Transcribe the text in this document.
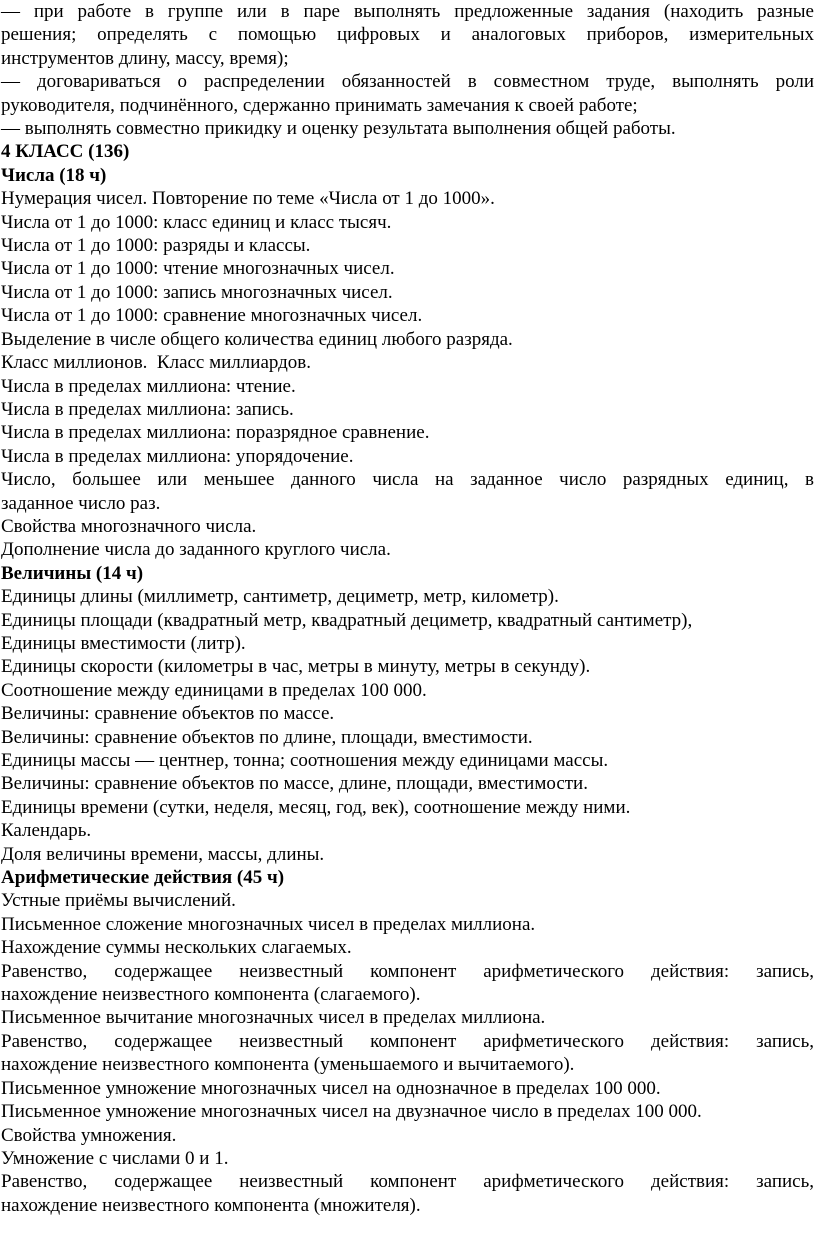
— при работе в группе или в паре выполнять предложенные задания (находить разные

решения; определять с помощью цифровых и аналоговых приборов, измерительных

инструментов длину, массу, время);

— договариваться о распределении обязанностей в совместном труде, выполнять роли

руководителя, подчинённого, сдержанно принимать замечания к своей работе;

— выполнять совместно прикидку и оценку результата выполнения общей работы.

4 КЛАСС (136)

Числа (18 ч)

Нумерация чисел. Повторение по теме «Числа от 1 до 1000».

Числа от 1 до 1000: класс единиц и класс тысяч.

Числа от 1 до 1000: разряды и классы.

Числа от 1 до 1000: чтение многозначных чисел.

Числа от 1 до 1000: запись многозначных чисел.

Числа от 1 до 1000: сравнение многозначных чисел.

Выделение в числе общего количества единиц любого разряда.

Класс миллионов.  Класс миллиардов.

Числа в пределах миллиона: чтение.

Числа в пределах миллиона: запись.

Числа в пределах миллиона: поразрядное сравнение.

Числа в пределах миллиона: упорядочение.

Число, большее или меньшее данного числа на заданное число разрядных единиц, в

заданное число раз.

Свойства многозначного числа.

Дополнение числа до заданного круглого числа.

Величины (14 ч)

Единицы длины (миллиметр, сантиметр, дециметр, метр, километр).

Единицы площади (квадратный метр, квадратный дециметр, квадратный сантиметр),

Единицы вместимости (литр).

Единицы скорости (километры в час, метры в минуту, метры в секунду).

Соотношение между единицами в пределах 100 000.

Величины: сравнение объектов по массе.

Величины: сравнение объектов по длине, площади, вместимости.

Единицы массы — центнер, тонна; соотношения между единицами массы.

Величины: сравнение объектов по массе, длине, площади, вместимости.

Единицы времени (сутки, неделя, месяц, год, век), соотношение между ними.

Календарь.

Доля величины времени, массы, длины.

Арифметические действия (45 ч)

Устные приёмы вычислений.

Письменное сложение многозначных чисел в пределах миллиона.

Нахождение суммы нескольких слагаемых.

Равенство, содержащее неизвестный компонент арифметического действия: запись,

нахождение неизвестного компонента (слагаемого).

Письменное вычитание многозначных чисел в пределах миллиона.

Равенство, содержащее неизвестный компонент арифметического действия: запись,

нахождение неизвестного компонента (уменьшаемого и вычитаемого).

Письменное умножение многозначных чисел на однозначное в пределах 100 000.

Письменное умножение многозначных чисел на двузначное число в пределах 100 000.

Свойства умножения.

Умножение с числами 0 и 1.

Равенство, содержащее неизвестный компонент арифметического действия: запись,

нахождение неизвестного компонента (множителя).
